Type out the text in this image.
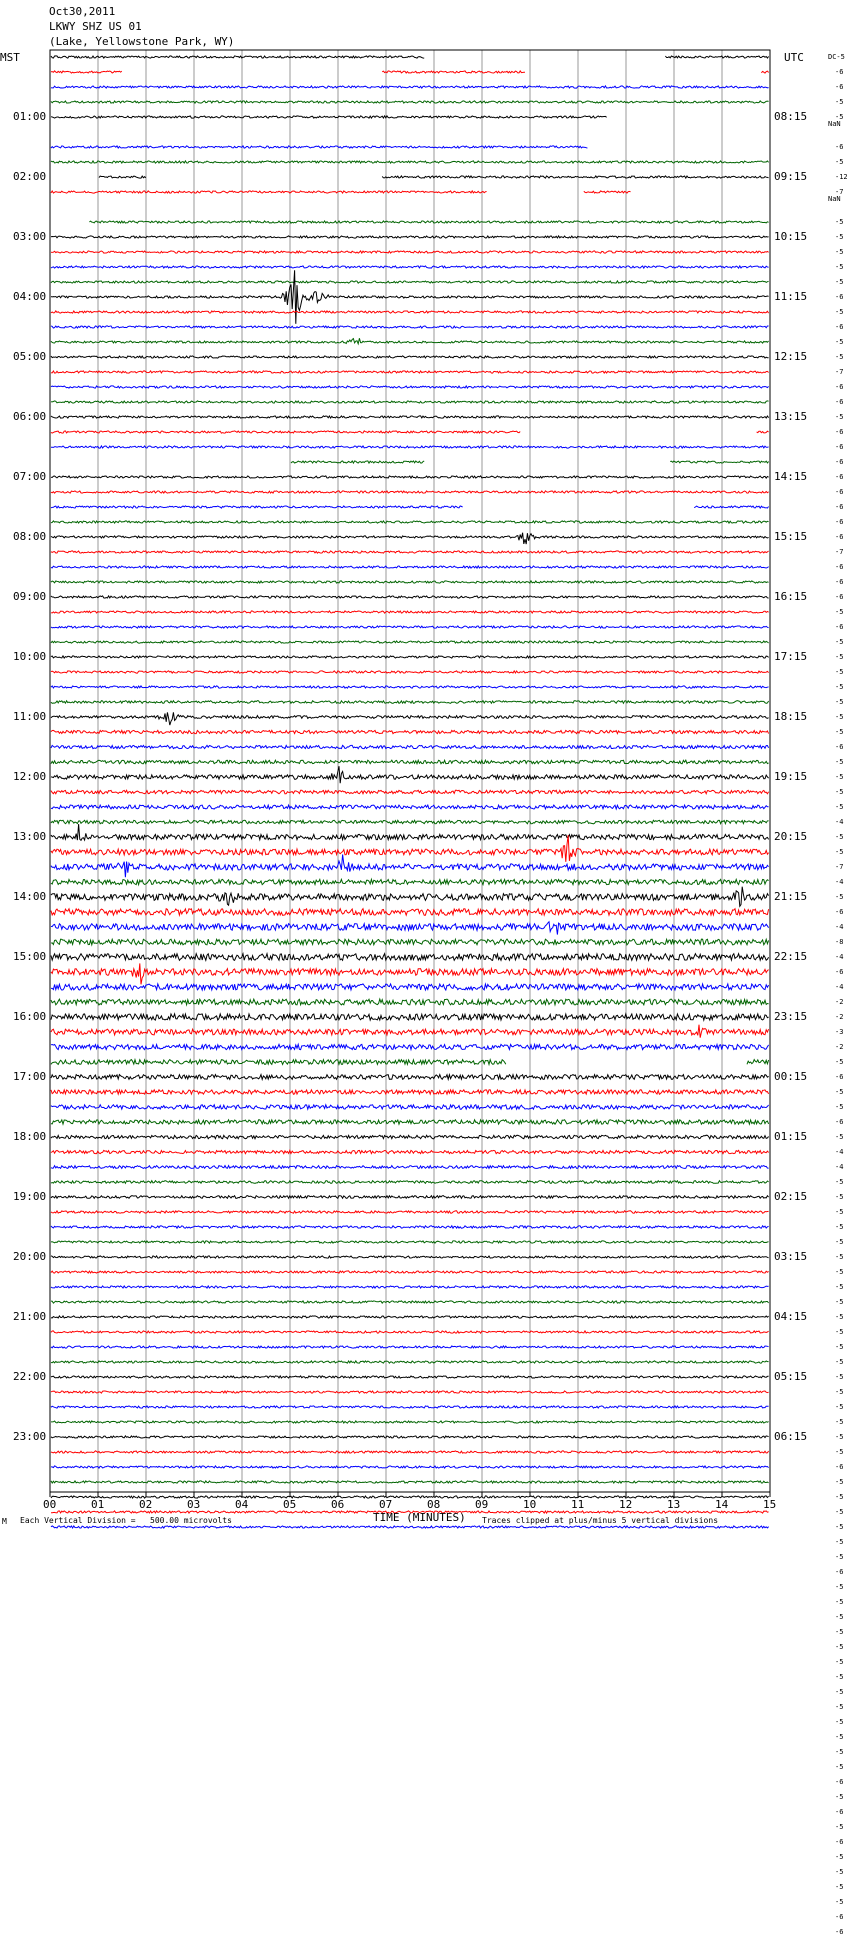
Oct30,2011
LKWY SHZ US 01
(Lake, Yellowstone Park, WY)
MST	UTC
01:00
02:00
03:00
04:00
05:00
06:00
07:00
08:00
09:00
10:00
11:00
12:00
13:00
14:00
15:00
16:00
17:00
18:00
19:00
20:00
21:00
22:00
23:00
08:15
09:15
10:15
11:15
12:15
13:15
14:15
15:15
16:15
17:15
18:15
19:15
20:15
21:15
22:15
23:15
00:15
01:15
02:15
03:15
04:15
05:15
06:15
DC-5
-6
-6
-5
-5
NaN
-6
-5
-12
-7
NaN
-5
-5
-5
-5
-5
-6
-5
-6
-5
-5
-7
-6
-6
-5
-6
-6
-6
-6
-6
-6
-6
-6
-7
-6
-6
-6
-5
-6
-5
-5
-5
-5
-5
-5
-5
-6
-5
-5
-5
-5
-4
-5
-5
-7
-4
-5
-6
-4
-8
-4
-6
-4
-2
-2
-3
-2
-5
-6
-5
-5
-6
-5
-4
-4
-5
-5
-5
-5
-5
-5
-5
-5
-5
-5
-5
-5
-5
-5
-5
-5
-5
-5
-5
-6
-5
-5
-5
-5
-5
-5
-6
-5
-5
-5
-5
-5
-5
-5
-5
-5
-5
-5
-5
-5
-6
-5
-6
-5
-6
-5
-5
-5
-5
-6
-6
00	01	02	03	04	05	06	07	08	09	10	11	12	13	14	15
M Each Vertical Division =   500.00 microvolts	TIME (MINUTES) Traces clipped at plus/minus 5 vertical divisions
